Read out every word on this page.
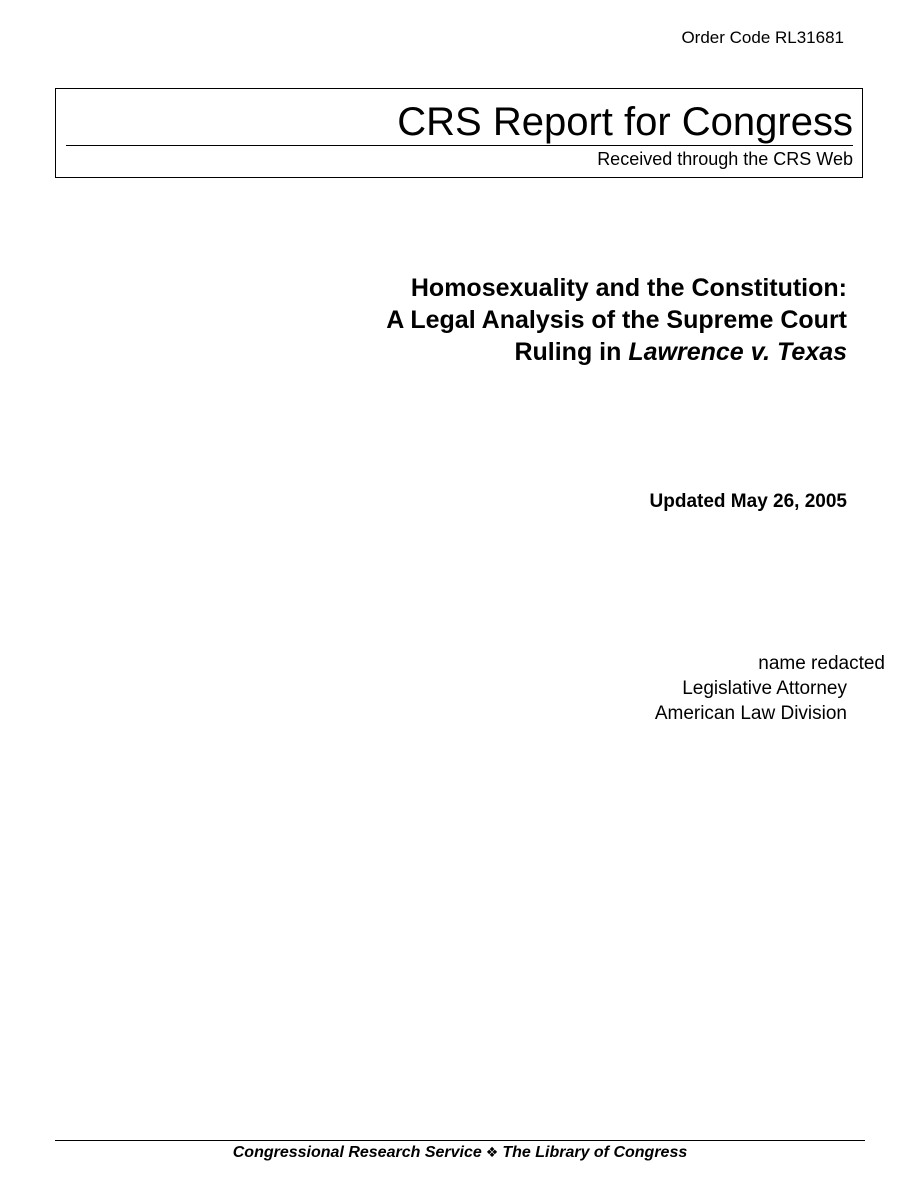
Order Code RL31681
CRS Report for Congress
Received through the CRS Web
Homosexuality and the Constitution:
A Legal Analysis of the Supreme Court
Ruling in Lawrence v. Texas
Updated May 26, 2005
name redacted
Legislative Attorney
American Law Division
Congressional Research Service ❖ The Library of Congress
